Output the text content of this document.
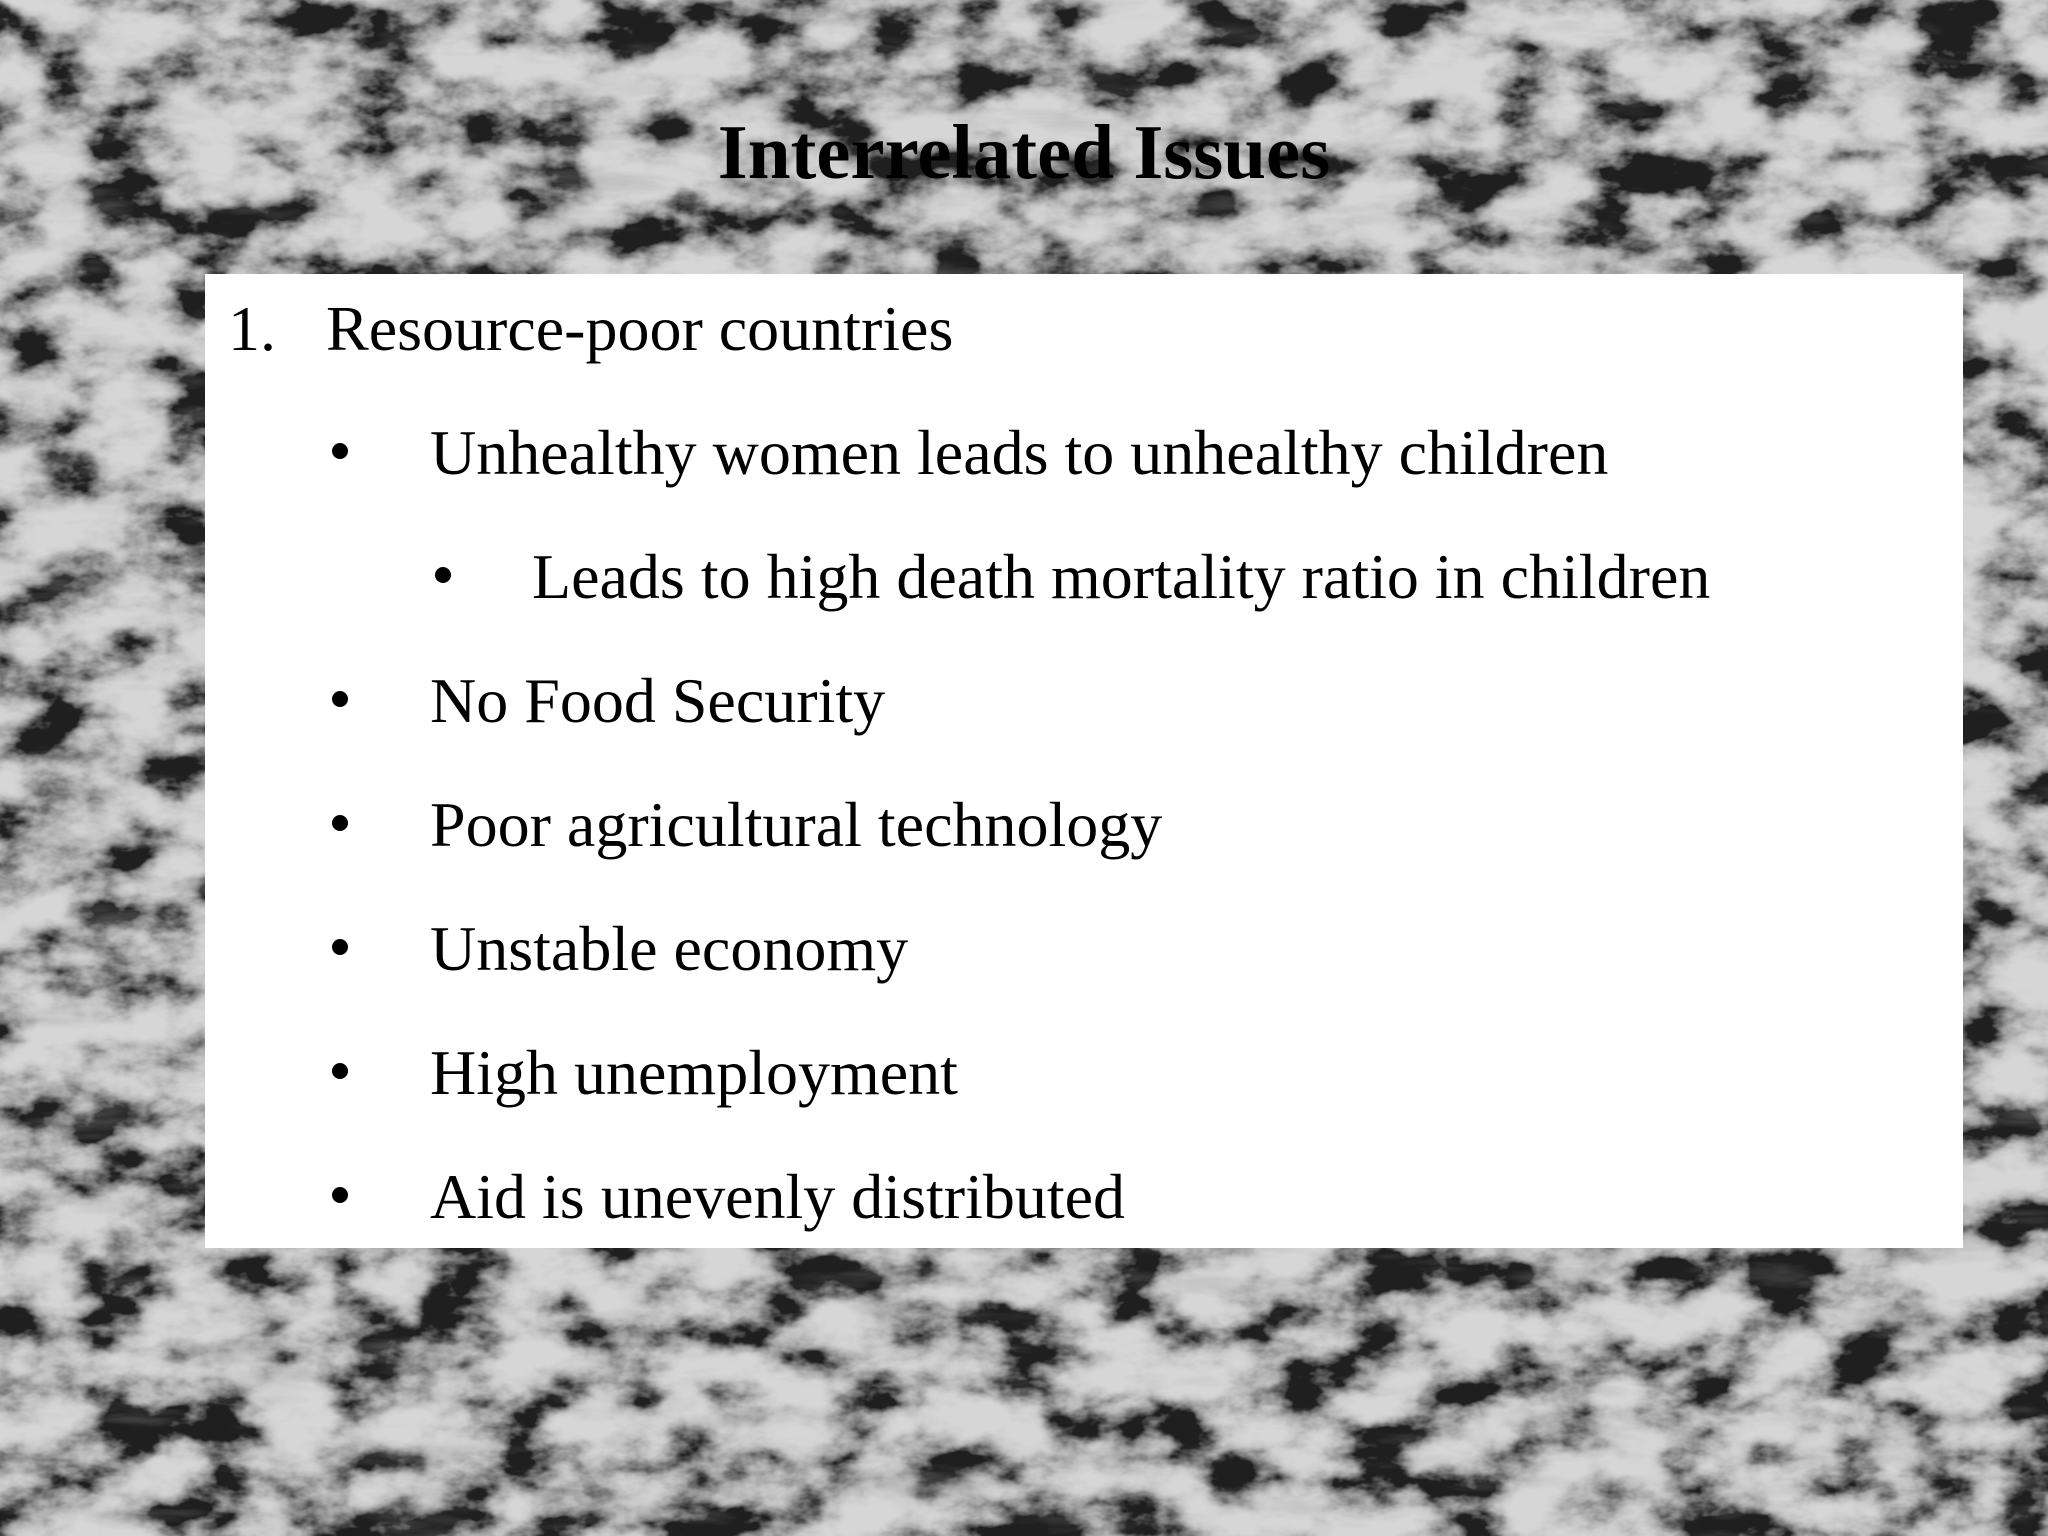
Interrelated Issues
1. Resource-poor countries
Unhealthy women leads to unhealthy children
Leads to high death mortality ratio in children
No Food Security
Poor agricultural technology
Unstable economy
High unemployment
Aid is unevenly distributed
